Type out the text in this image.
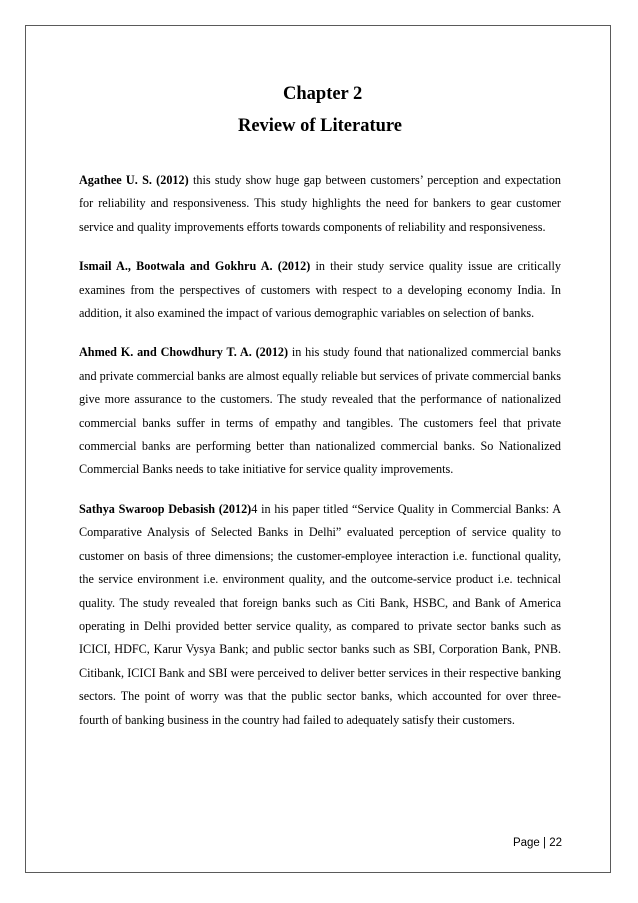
Chapter 2
Review of Literature

Agathee U. S. (2012) this study show huge gap between customers’ perception and expectation for reliability and responsiveness. This study highlights the need for bankers to gear customer service and quality improvements efforts towards components of reliability and responsiveness.

Ismail A., Bootwala and Gokhru A. (2012) in their study service quality issue are critically examines from the perspectives of customers with respect to a developing economy India. In addition, it also examined the impact of various demographic variables on selection of banks.

Ahmed K. and Chowdhury T. A. (2012) in his study found that nationalized commercial banks and private commercial banks are almost equally reliable but services of private commercial banks give more assurance to the customers. The study revealed that the performance of nationalized commercial banks suffer in terms of empathy and tangibles. The customers feel that private commercial banks are performing better than nationalized commercial banks. So Nationalized Commercial Banks needs to take initiative for service quality improvements.

Sathya Swaroop Debasish (2012)4 in his paper titled “Service Quality in Commercial Banks: A Comparative Analysis of Selected Banks in Delhi” evaluated perception of service quality to customer on basis of three dimensions; the customer-employee interaction i.e. functional quality, the service environment i.e. environment quality, and the outcome-service product i.e. technical quality. The study revealed that foreign banks such as Citi Bank, HSBC, and Bank of America operating in Delhi provided better service quality, as compared to private sector banks such as ICICI, HDFC, Karur Vysya Bank; and public sector banks such as SBI, Corporation Bank, PNB. Citibank, ICICI Bank and SBI were perceived to deliver better services in their respective banking sectors. The point of worry was that the public sector banks, which accounted for over three-fourth of banking business in the country had failed to adequately satisfy their customers.

Page | 22
